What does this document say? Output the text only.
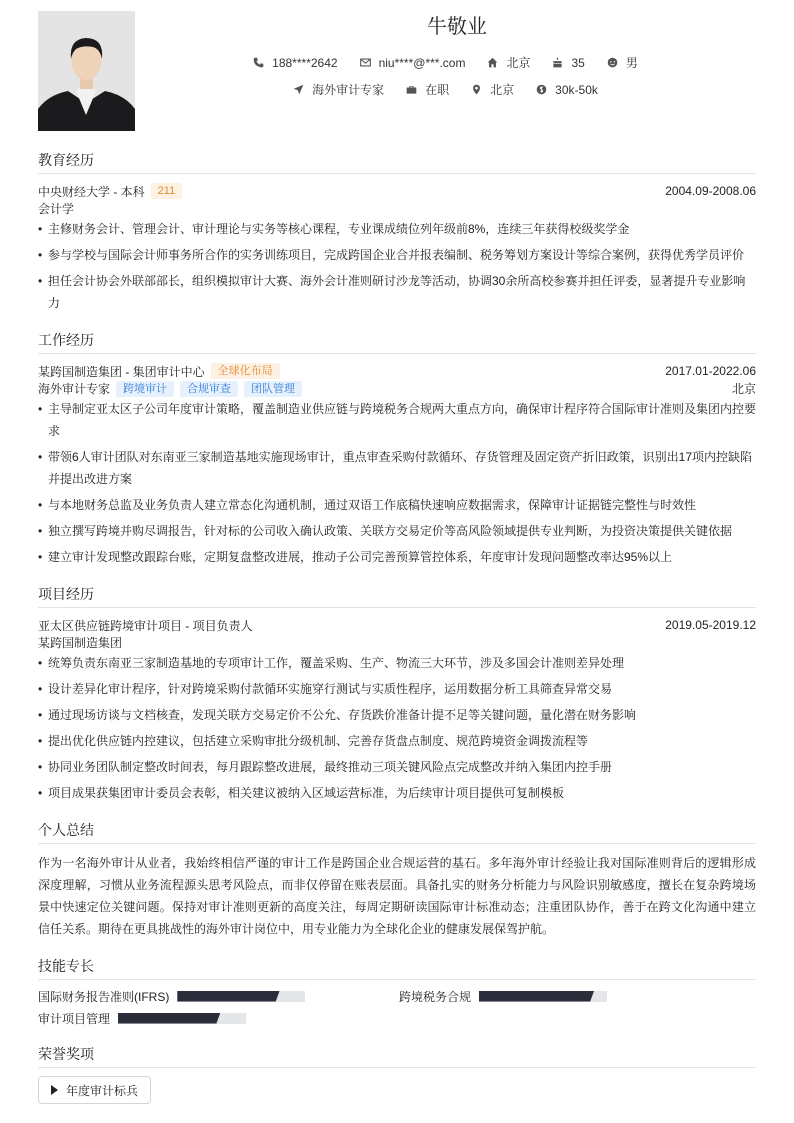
牛敬业
188****2642	niu****@***.com	北京	35	男
海外审计专家	在职	北京	30k-50k
教育经历
中央财经大学 - 本科	211	2004.09-2008.06
会计学
• 主修财务会计、管理会计、审计理论与实务等核心课程，专业课成绩位列年级前8%，连续三年获得校级奖学金
• 参与学校与国际会计师事务所合作的实务训练项目，完成跨国企业合并报表编制、税务筹划方案设计等综合案例，获得优秀学员评价
• 担任会计协会外联部部长，组织模拟审计大赛、海外会计准则研讨沙龙等活动，协调30余所高校参赛并担任评委，显著提升专业影响力
工作经历
某跨国制造集团 - 集团审计中心	全球化布局	2017.01-2022.06
海外审计专家	跨境审计	合规审查	团队管理	北京
• 主导制定亚太区子公司年度审计策略，覆盖制造业供应链与跨境税务合规两大重点方向，确保审计程序符合国际审计准则及集团内控要求
• 带领6人审计团队对东南亚三家制造基地实施现场审计，重点审查采购付款循环、存货管理及固定资产折旧政策，识别出17项内控缺陷并提出改进方案
• 与本地财务总监及业务负责人建立常态化沟通机制，通过双语工作底稿快速响应数据需求，保障审计证据链完整性与时效性
• 独立撰写跨境并购尽调报告，针对标的公司收入确认政策、关联方交易定价等高风险领域提供专业判断，为投资决策提供关键依据
• 建立审计发现整改跟踪台账，定期复盘整改进展，推动子公司完善预算管控体系，年度审计发现问题整改率达95%以上
项目经历
亚太区供应链跨境审计项目 - 项目负责人	2019.05-2019.12
某跨国制造集团
• 统筹负责东南亚三家制造基地的专项审计工作，覆盖采购、生产、物流三大环节，涉及多国会计准则差异处理
• 设计差异化审计程序，针对跨境采购付款循环实施穿行测试与实质性程序，运用数据分析工具筛查异常交易
• 通过现场访谈与文档核查，发现关联方交易定价不公允、存货跌价准备计提不足等关键问题，量化潜在财务影响
• 提出优化供应链内控建议，包括建立采购审批分级机制、完善存货盘点制度、规范跨境资金调拨流程等
• 协同业务团队制定整改时间表，每月跟踪整改进展，最终推动三项关键风险点完成整改并纳入集团内控手册
• 项目成果获集团审计委员会表彰，相关建议被纳入区域运营标准，为后续审计项目提供可复制模板
个人总结

作为一名海外审计从业者，我始终相信严谨的审计工作是跨国企业合规运营的基石。多年海外审计经验让我对国际准则背后的逻辑形成深度理解，习惯从业务流程源头思考风险点，而非仅停留在账表层面。具备扎实的财务分析能力与风险识别敏感度，擅长在复杂跨境场景中快速定位关键问题。保持对审计准则更新的高度关注，每周定期研读国际审计标准动态；注重团队协作，善于在跨文化沟通中建立信任关系。期待在更具挑战性的海外审计岗位中，用专业能力为全球化企业的健康发展保驾护航。

技能专长
国际财务报告准则(IFRS)	跨境税务合规
审计项目管理
荣誉奖项
年度审计标兵
